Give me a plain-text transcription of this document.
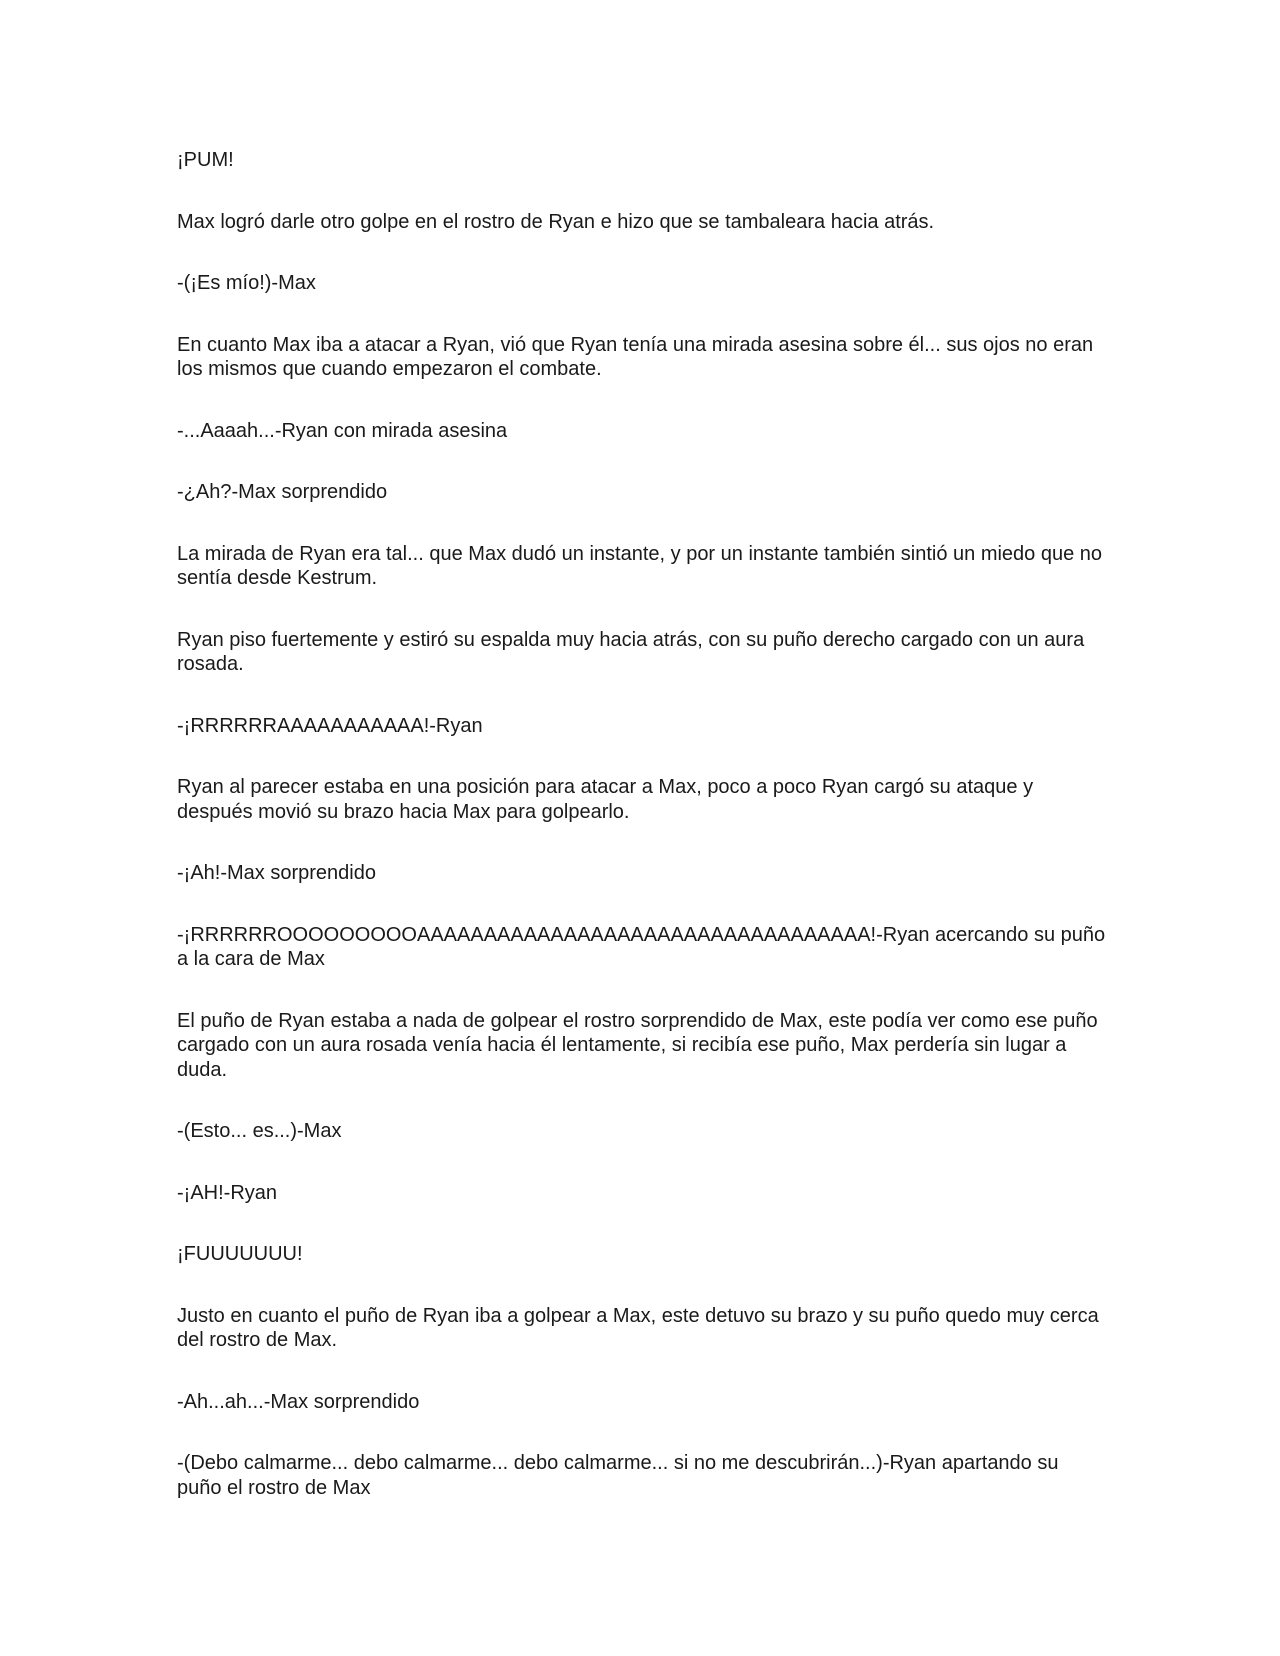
¡PUM!

Max logró darle otro golpe en el rostro de Ryan e hizo que se tambaleara hacia atrás.

-(¡Es mío!)-Max

En cuanto Max iba a atacar a Ryan, vió que Ryan tenía una mirada asesina sobre él... sus ojos no eran los mismos que cuando empezaron el combate.

-...Aaaah...-Ryan con mirada asesina

-¿Ah?-Max sorprendido

La mirada de Ryan era tal... que Max dudó un instante, y por un instante también sintió un miedo que no sentía desde Kestrum.

Ryan piso fuertemente y estiró su espalda muy hacia atrás, con su puño derecho cargado con un aura rosada.

-¡RRRRRRAAAAAAAAAAA!-Ryan

Ryan al parecer estaba en una posición para atacar a Max, poco a poco Ryan cargó su ataque y después movió su brazo hacia Max para golpearlo.

-¡Ah!-Max sorprendido

-¡RRRRRROOOOOOOOOAAAAAAAAAAAAAAAAAAAAAAAAAAAAAAAAAA!-Ryan acercando su puño a la cara de Max

El puño de Ryan estaba a nada de golpear el rostro sorprendido de Max, este podía ver como ese puño cargado con un aura rosada venía hacia él lentamente, si recibía ese puño, Max perdería sin lugar a duda.

-(Esto... es...)-Max

-¡AH!-Ryan

¡FUUUUUUU!

Justo en cuanto el puño de Ryan iba a golpear a Max, este detuvo su brazo y su puño quedo muy cerca del rostro de Max.

-Ah...ah...-Max sorprendido

-(Debo calmarme... debo calmarme... debo calmarme... si no me descubrirán...)-Ryan apartando su puño el rostro de Max
